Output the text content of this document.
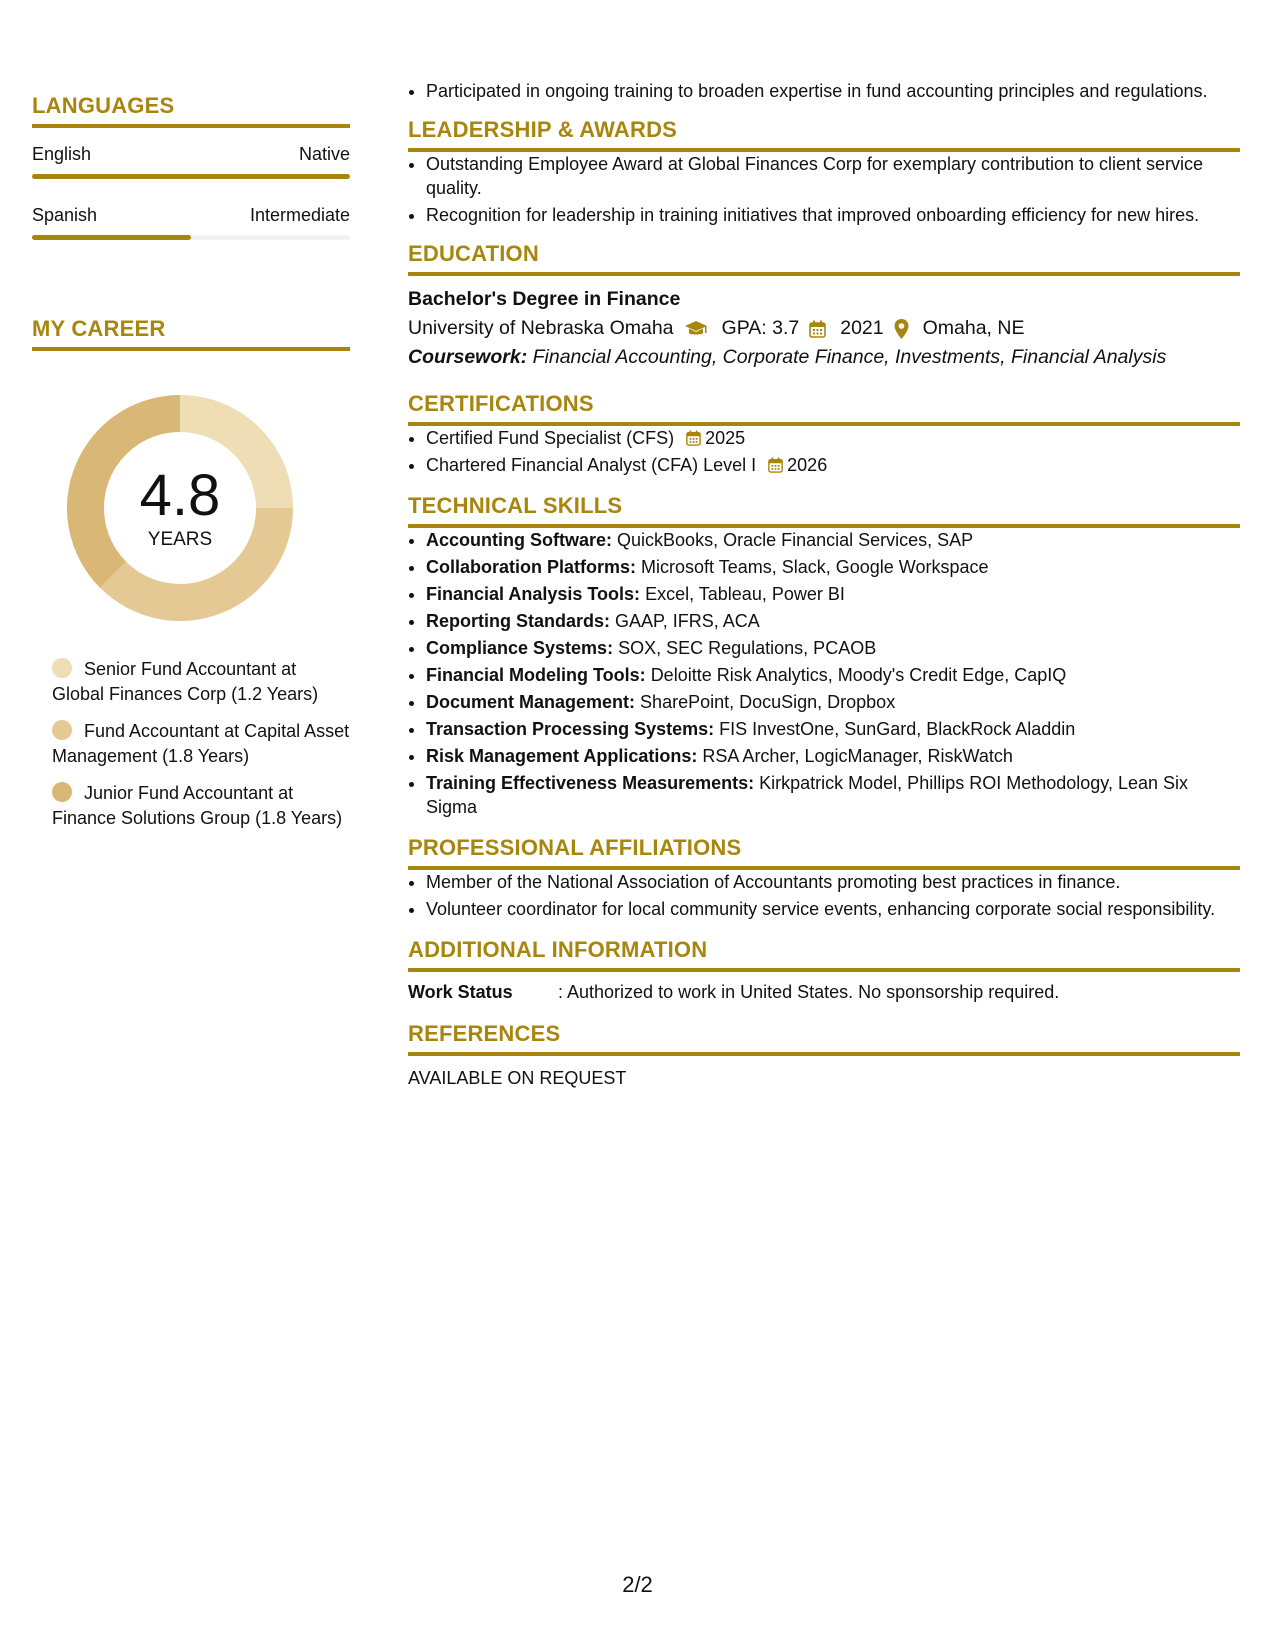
LANGUAGES
English	Native
Spanish	Intermediate
MY CAREER
4.8
YEARS
Senior Fund Accountant at Global Finances Corp (1.2 Years)
Fund Accountant at Capital Asset Management (1.8 Years)
Junior Fund Accountant at Finance Solutions Group (1.8 Years)
• Participated in ongoing training to broaden expertise in fund accounting principles and regulations.
LEADERSHIP & AWARDS
• Outstanding Employee Award at Global Finances Corp for exemplary contribution to client service quality.
• Recognition for leadership in training initiatives that improved onboarding efficiency for new hires.
EDUCATION
Bachelor's Degree in Finance
University of Nebraska Omaha GPA: 3.7 2021 Omaha, NE
Coursework: Financial Accounting, Corporate Finance, Investments, Financial Analysis
CERTIFICATIONS
• Certified Fund Specialist (CFS) 2025
• Chartered Financial Analyst (CFA) Level I 2026
TECHNICAL SKILLS
• Accounting Software: QuickBooks, Oracle Financial Services, SAP
• Collaboration Platforms: Microsoft Teams, Slack, Google Workspace
• Financial Analysis Tools: Excel, Tableau, Power BI
• Reporting Standards: GAAP, IFRS, ACA
• Compliance Systems: SOX, SEC Regulations, PCAOB
• Financial Modeling Tools: Deloitte Risk Analytics, Moody's Credit Edge, CapIQ
• Document Management: SharePoint, DocuSign, Dropbox
• Transaction Processing Systems: FIS InvestOne, SunGard, BlackRock Aladdin
• Risk Management Applications: RSA Archer, LogicManager, RiskWatch
• Training Effectiveness Measurements: Kirkpatrick Model, Phillips ROI Methodology, Lean Six Sigma
PROFESSIONAL AFFILIATIONS
• Member of the National Association of Accountants promoting best practices in finance.
• Volunteer coordinator for local community service events, enhancing corporate social responsibility.
ADDITIONAL INFORMATION
Work Status	: Authorized to work in United States. No sponsorship required.
REFERENCES
AVAILABLE ON REQUEST
2/2
